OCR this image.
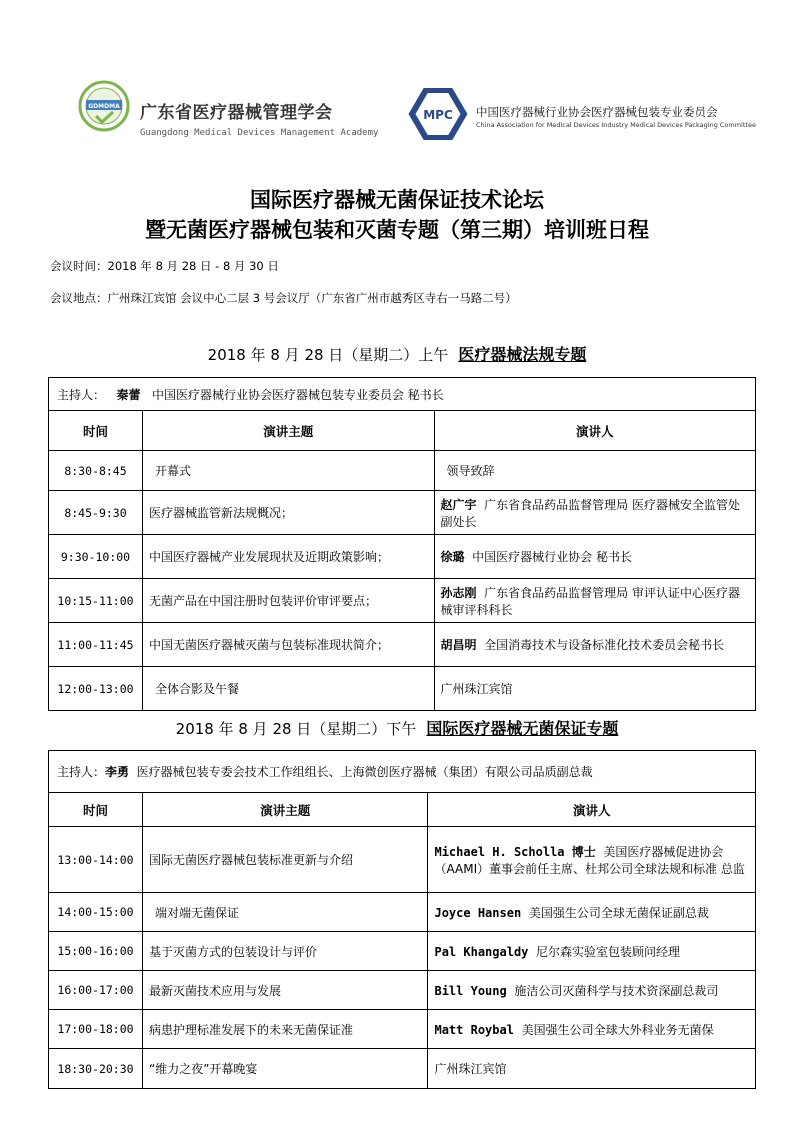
GDMDMA 广东省医疗器械管理学会
Guangdong Medical Devices Management Academy
MPC 中国医疗器械行业协会医疗器械包装专业委员会
China Association for Medical Devices Industry Medical Devices Packaging Committee
国际医疗器械无菌保证技术论坛
暨无菌医疗器械包装和灭菌专题（第三期）培训班日程
会议时间：2018 年 8 月 28 日 - 8 月 30 日
会议地点：广州珠江宾馆 会议中心二层 3 号会议厅（广东省广州市越秀区寺右一马路二号）
2018 年 8 月 28 日（星期二）上午 医疗器械法规专题
主持人： 秦蕾 中国医疗器械行业协会医疗器械包装专业委员会 秘书长		
时间	演讲主题	演讲人
8:30-8:45	开幕式	领导致辞
8:45-9:30	医疗器械监管新法规概况；	赵广宇 广东省食品药品监督管理局 医疗器械安全监管处副处长
9:30-10:00	中国医疗器械产业发展现状及近期政策影响；	徐璐 中国医疗器械行业协会 秘书长
10:15-11:00	无菌产品在中国注册时包装评价审评要点；	孙志刚 广东省食品药品监督管理局 审评认证中心医疗器械审评科科长
11:00-11:45	中国无菌医疗器械灭菌与包装标准现状简介；	胡昌明 全国消毒技术与设备标准化技术委员会秘书长
12:00-13:00	全体合影及午餐	广州珠江宾馆
2018 年 8 月 28 日（星期二）下午 国际医疗器械无菌保证专题
主持人：李勇 医疗器械包装专委会技术工作组组长、上海微创医疗器械（集团）有限公司品质副总裁		
时间	演讲主题	演讲人
13:00-14:00	国际无菌医疗器械包装标准更新与介绍	Michael H. Scholla 博士 美国医疗器械促进协会（AAMI）董事会前任主席、杜邦公司全球法规和标准 总监
14:00-15:00	端对端无菌保证	Joyce Hansen 美国强生公司全球无菌保证副总裁
15:00-16:00	基于灭菌方式的包装设计与评价	Pal Khangaldy 尼尔森实验室包装顾问经理
16:00-17:00	最新灭菌技术应用与发展	Bill Young 施洁公司灭菌科学与技术资深副总裁司
17:00-18:00	病患护理标准发展下的未来无菌保证准	Matt Roybal 美国强生公司全球大外科业务无菌保
18:30-20:30	“维力之夜”开幕晚宴	广州珠江宾馆
